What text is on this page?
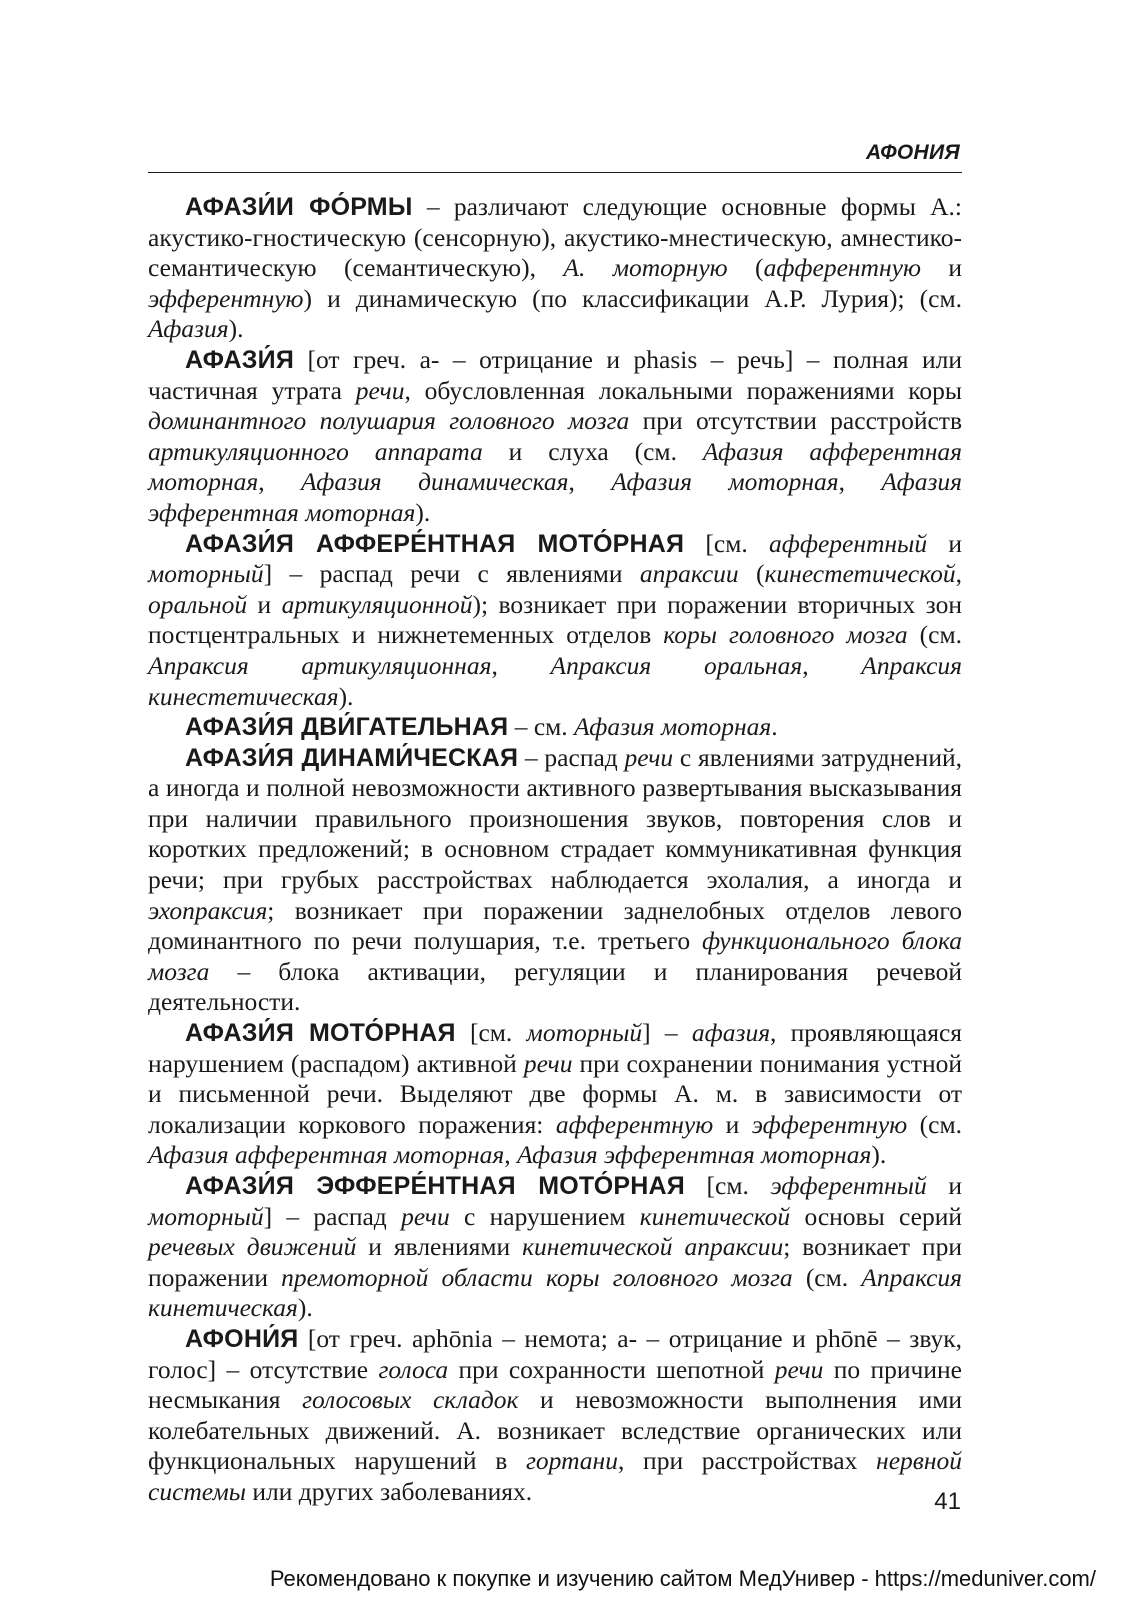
АФОНИЯ

АФАЗИ́И ФО́РМЫ – различают следующие основные формы А.: акустико-гностическую (сенсорную), акустико-мнестическую, амнестико-семантическую (семантическую), А. моторную (афферентную и эфферентную) и динамическую (по классификации А.Р. Лурия); (см. Афазия).

АФАЗИ́Я [от греч. а- – отрицание и phasis – речь] – полная или частичная утрата речи, обусловленная локальными поражениями коры доминантного полушария головного мозга при отсутствии расстройств артикуляционного аппарата и слуха (см. Афазия афферентная моторная, Афазия динамическая, Афазия моторная, Афазия эфферентная моторная).

АФАЗИ́Я АФФЕРЕ́НТНАЯ МОТО́РНАЯ [см. афферентный и моторный] – распад речи с явлениями апраксии (кинестетической, оральной и артикуляционной); возникает при поражении вторичных зон постцентральных и нижнетеменных отделов коры головного мозга (см. Апраксия артикуляционная, Апраксия оральная, Апраксия кинестетическая).

АФАЗИ́Я ДВИ́ГАТЕЛЬНАЯ – см. Афазия моторная.

АФАЗИ́Я ДИНАМИ́ЧЕСКАЯ – распад речи с явлениями затруднений, а иногда и полной невозможности активного развертывания высказывания при наличии правильного произношения звуков, повторения слов и коротких предложений; в основном страдает коммуникативная функция речи; при грубых расстройствах наблюдается эхолалия, а иногда и эхопраксия; возникает при поражении заднелобных отделов левого доминантного по речи полушария, т.е. третьего функционального блока мозга – блока активации, регуляции и планирования речевой деятельности.

АФАЗИ́Я МОТО́РНАЯ [см. моторный] – афазия, проявляющаяся нарушением (распадом) активной речи при сохранении понимания устной и письменной речи. Выделяют две формы А. м. в зависимости от локализации коркового поражения: афферентную и эфферентную (см. Афазия афферентная моторная, Афазия эфферентная моторная).

АФАЗИ́Я ЭФФЕРЕ́НТНАЯ МОТО́РНАЯ [см. эфферентный и моторный] – распад речи с нарушением кинетической основы серий речевых движений и явлениями кинетической апраксии; возникает при поражении премоторной области коры головного мозга (см. Апраксия кинетическая).

АФОНИ́Я [от греч. aphōnia – немота; а- – отрицание и phōnē – звук, голос] – отсутствие голоса при сохранности шепотной речи по причине несмыкания голосовых складок и невозможности выполнения ими колебательных движений. А. возникает вследствие органических или функциональных нарушений в гортани, при расстройствах нервной системы или других заболеваниях.	41
Рекомендовано к покупке и изучению сайтом МедУнивер - https://meduniver.com/
